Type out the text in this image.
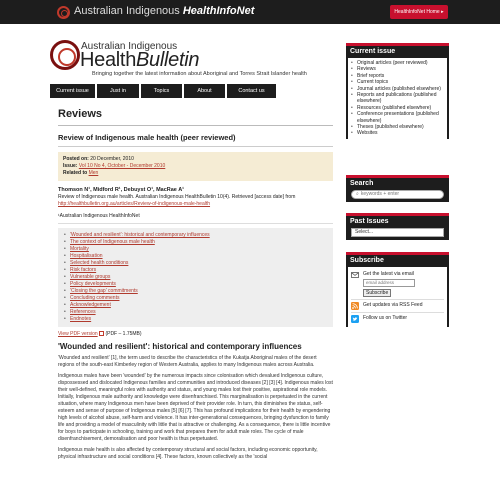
Australian Indigenous HealthInfoNet	HealthInfoNet Home ▸
Australian Indigenous
HealthBulletin
Bringing together the latest information about Aboriginal and Torres Strait Islander health
Current issue	Just in	Topics	About	Contact us
Reviews
Review of Indigenous male health (peer reviewed)
Posted on: 20 December, 2010
Issue: Vol 10 No 4, October - December 2010
Related to Men
Thomson N¹, Midford R¹, Debuyst O¹, MacRae A¹
Review of Indigenous male health. Australian Indigenous HealthBulletin 10(4). Retrieved [access date] from http://healthbulletin.org.au/articles/Review-of-indigenous-male-health
¹Australian Indigenous HealthInfoNet
• 'Wounded and resilient': historical and contemporary influences
• The context of Indigenous male health
• Mortality
• Hospitalisation
• Selected health conditions
• Risk factors
• Vulnerable groups
• Policy developments
• 'Closing the gap' commitments
• Concluding comments
• Acknowledgement
• References
• Endnotes
View PDF version (PDF – 1.75MB)
'Wounded and resilient': historical and contemporary influences

'Wounded and resilient' [1], the term used to describe the characteristics of the Kukatja Aboriginal males of the desert regions of the south-east Kimberley region of Western Australia, applies to many Indigenous males across Australia.

Indigenous males have been 'wounded' by the numerous impacts since colonisation which devalued Indigenous culture, dispossessed and dislocated Indigenous families and communities and introduced diseases [2] [3] [4]. Indigenous males lost their well-defined, meaningful roles with authority and status, and young males lost their positive, aspirational role models. Initially, Indigenous male authority and knowledge were disenfranchised. This marginalisation is perpetuated in the current situation, where many Indigenous men have been deprived of their provider role. In turn, this diminishes the status, self-esteem and sense of purpose of Indigenous males [5] [6] [7]. This has profound implications for their health by engendering high levels of alcohol abuse, self-harm and violence. It has inter-generational consequences, bringing dysfunction to family life and providing a model of masculinity with little that is attractive or challenging. As a consequence, there is little incentive for boys to participate in schooling, training and work that prepares them for adult male roles. The cycle of male disenfranchisement, demoralisation and poor health is thus perpetuated.

Indigenous male health is also affected by contemporary structural and social factors, including economic opportunity, physical infrastructure and social conditions [4]. These factors, known collectively as the 'social

Current issue
• Original articles (peer reviewed)
• Reviews
• Brief reports
• Current topics
• Journal articles (published elsewhere)
• Reports and publications (published elsewhere)
• Resources (published elsewhere)
• Conference presentations (published elsewhere)
• Theses (published elsewhere)
• Websites
Search
⌕ keywords + enter
Past Issues
Select...
Subscribe
Get the latest via email
email address
Subscribe
Get updates via RSS Feed
Follow us on Twitter
